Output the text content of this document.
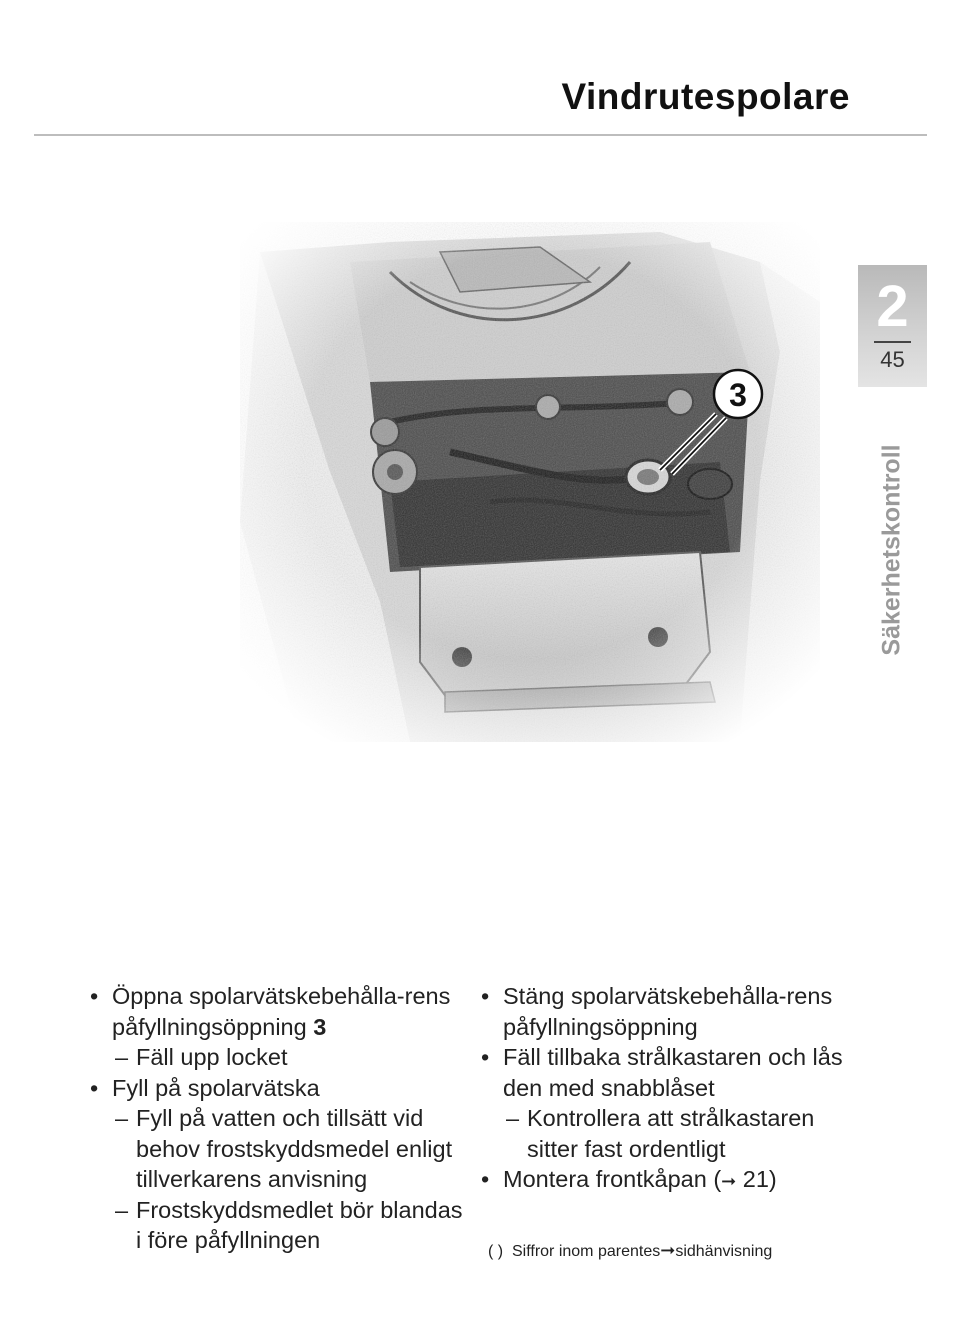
Vindrutespolare
2
45
Säkerhetskontroll
3
• Öppna spolarvätskebehålla-rens påfyllningsöppning 3
– Fäll upp locket
• Fyll på spolarvätska
– Fyll på vatten och tillsätt vid behov frostskyddsmedel enligt tillverkarens anvisning
– Frostskyddsmedlet bör blandas i före påfyllningen
• Stäng spolarvätskebehålla-rens påfyllningsöppning
• Fäll tillbaka strålkastaren och lås den med snabblåset
– Kontrollera att strålkastaren sitter fast ordentligt
• Montera frontkåpan (➞ 21)
( ) Siffror inom parentes➞sidhänvisning
